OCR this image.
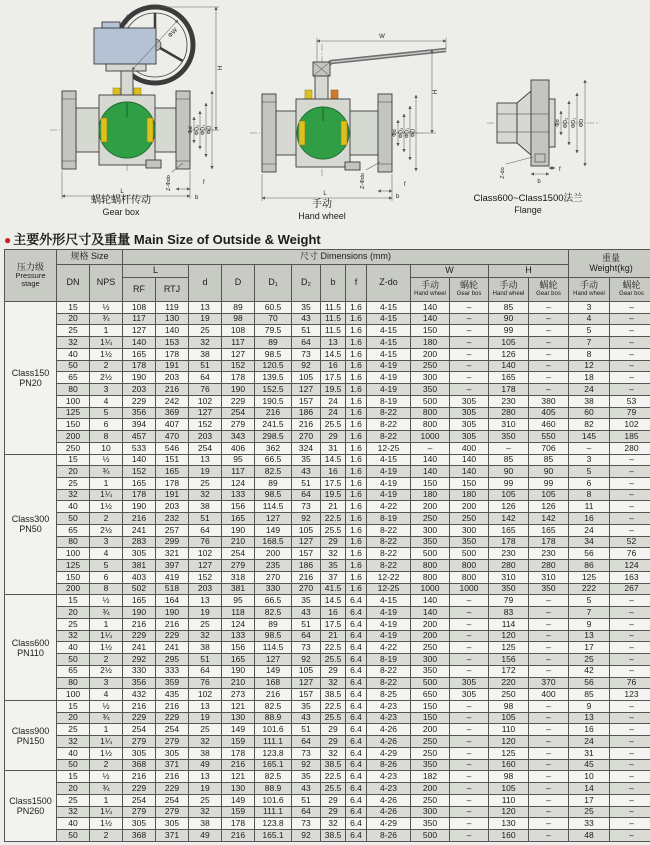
ΦW
H
Φd ΦD₂ ΦD₁ ΦD
Z-Φdo
L
b
f
蜗轮蜗杆传动
Gear box
W
H
Φd ΦD₂ ΦD₁ ΦD
Z-Φdo
L	b
f
手动
Hand wheel
Φd ΦD₂ ΦD₁ ΦD
Z-do
b
f
Class600~Class1500法兰
Flange
● 主要外形尺寸及重量 Main Size of Outside & Weight
压力级
Pressure
stage
	规格 Size	尺寸 Dimensions (mm)	重量
Weight(kg)

	DN	NPS	L		d	D	D₁	D₂	b	f	Z-do	W		H			
RF	RTJ	手动
Hand wheel

蜗轮
Gear bos

手动
Hand wheel

蜗轮
Gear bos

手动
Hand wheel

蜗轮
Gear bos

Class150
PN20	15	½	108	119	13	89	60.5	35	11.5	1.6	4-15	140	–	85	–	3	–
	20	¾	117	130	19	98	70	43	11.5	1.6	4-15	140	–	90	–	4	–
	25	1	127	140	25	108	79.5	51	11.5	1.6	4-15	150	–	99	–	5	–
	32	1¼	140	153	32	117	89	64	13	1.6	4-15	180	–	105	–	7	–
	40	1½	165	178	38	127	98.5	73	14.5	1.6	4-15	200	–	126	–	8	–
	50	2	178	191	51	152	120.5	92	16	1.6	4-19	250	–	140	–	12	–
	65	2½	190	203	64	178	139.5	105	17.5	1.6	4-19	300	–	165	–	18	–
	80	3	203	216	76	190	152.5	127	19.5	1.6	4-19	350	–	178	–	24	–
	100	4	229	242	102	229	190.5	157	24	1.6	8-19	500	305	230	380	38	53
	125	5	356	369	127	254	216	186	24	1.6	8-22	800	305	280	405	60	79
	150	6	394	407	152	279	241.5	216	25.5	1.6	8-22	800	305	310	460	82	102
	200	8	457	470	203	343	298.5	270	29	1.6	8-22	1000	305	350	550	145	185
	250	10	533	546	254	406	362	324	31	1.6	12-25	–	400	–	706	–	280

Class300
PN50	15	½	140	151	13	95	66.5	35	14.5	1.6	4-15	140	140	85	85	3	–
	20	¾	152	165	19	117	82.5	43	16	1.6	4-19	140	140	90	90	5	–
	25	1	165	178	25	124	89	51	17.5	1.6	4-19	150	150	99	99	6	–
	32	1¼	178	191	32	133	98.5	64	19.5	1.6	4-19	180	180	105	105	8	–
	40	1½	190	203	38	156	114.5	73	21	1.6	4-22	200	200	126	126	11	–
	50	2	216	232	51	165	127	92	22.5	1.6	8-19	250	250	142	142	16	–
	65	2½	241	257	64	190	149	105	25.5	1.6	8-22	300	300	165	165	24	–
	80	3	283	299	76	210	168.5	127	29	1.6	8-22	350	350	178	178	34	52
	100	4	305	321	102	254	200	157	32	1.6	8-22	500	500	230	230	56	76
	125	5	381	397	127	279	235	186	35	1.6	8-22	800	800	280	280	86	124
	150	6	403	419	152	318	270	216	37	1.6	12-22	800	800	310	310	125	163
	200	8	502	518	203	381	330	270	41.5	1.6	12-25	1000	1000	350	350	222	267

Class600
PN110	15	½	165	164	13	95	66.5	35	14.5	6.4	4-15	140	–	79	–	5	–
	20	¾	190	190	19	118	82.5	43	16	6.4	4-19	140	–	83	–	7	–
	25	1	216	216	25	124	89	51	17.5	6.4	4-19	200	–	114	–	9	–
	32	1¼	229	229	32	133	98.5	64	21	6.4	4-19	200	–	120	–	13	–
	40	1½	241	241	38	156	114.5	73	22.5	6.4	4-22	250	–	125	–	17	–
	50	2	292	295	51	165	127	92	25.5	6.4	8-19	300	–	156	–	25	–
	65	2½	330	333	64	190	149	105	29	6.4	8-22	350	–	172	–	42	–
	80	3	356	359	76	210	168	127	32	6.4	8-22	500	305	220	370	56	76
	100	4	432	435	102	273	216	157	38.5	6.4	8-25	650	305	250	400	85	123

Class900
PN150	15	½	216	216	13	121	82.5	35	22.5	6.4	4-23	150	–	98	–	9	–
	20	¾	229	229	19	130	88.9	43	25.5	6.4	4-23	150	–	105	–	13	–
	25	1	254	254	25	149	101.6	51	29	6.4	4-26	200	–	110	–	16	–
	32	1¼	279	279	32	159	111.1	64	29	6.4	4-26	250	–	120	–	24	–
	40	1½	305	305	38	178	123.8	73	32	6.4	4-29	250	–	125	–	31	–
	50	2	368	371	49	216	165.1	92	38.5	6.4	8-26	350	–	160	–	45	–

Class1500
PN260	15	½	216	216	13	121	82.5	35	22.5	6.4	4-23	182	–	98	–	10	–
	20	¾	229	229	19	130	88.9	43	25.5	6.4	4-23	200	–	105	–	14	–
	25	1	254	254	25	149	101.6	51	29	6.4	4-26	250	–	110	–	17	–
	32	1¼	279	279	32	159	111.1	64	29	6.4	4-26	300	–	120	–	25	–
	40	1½	305	305	38	178	123.8	73	32	6.4	4-29	350	–	130	–	33	–
	50	2	368	371	49	216	165.1	92	38.5	6.4	8-26	500	–	160	–	48	–
